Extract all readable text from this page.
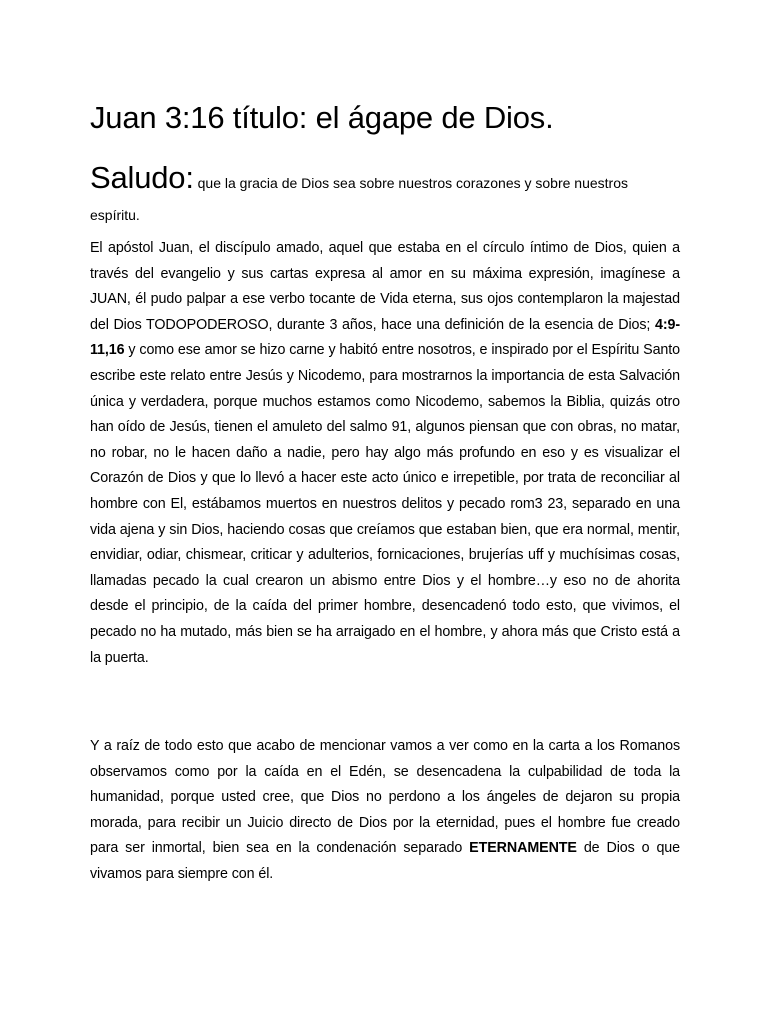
Juan 3:16 título: el ágape de Dios.
Saludo: que la gracia de Dios sea sobre nuestros corazones y sobre nuestros espíritu.

El apóstol Juan, el discípulo amado, aquel que estaba en el círculo íntimo de Dios, quien a través del evangelio y sus cartas expresa al amor en su máxima expresión, imagínese a JUAN, él pudo palpar a ese verbo tocante de Vida eterna, sus ojos contemplaron la majestad del Dios TODOPODEROSO, durante 3 años, hace una definición de la esencia de Dios; 4:9-11,16 y como ese amor se hizo carne y habitó entre nosotros, e inspirado por el Espíritu Santo escribe este relato entre Jesús y Nicodemo, para mostrarnos la importancia de esta Salvación única y verdadera, porque muchos estamos como Nicodemo, sabemos la Biblia, quizás otro han oído de Jesús, tienen el amuleto del salmo 91, algunos piensan que con obras, no matar, no robar, no le hacen daño a nadie, pero hay algo más profundo en eso y es visualizar el Corazón de Dios y que lo llevó a hacer este acto único e irrepetible, por trata de reconciliar al hombre con El, estábamos muertos en nuestros delitos y pecado rom3 23, separado en una vida ajena y sin Dios, haciendo cosas que creíamos que estaban bien, que era normal, mentir, envidiar, odiar, chismear, criticar y adulterios, fornicaciones, brujerías uff y muchísimas cosas, llamadas pecado la cual crearon un abismo entre Dios y el hombre…y eso no de ahorita desde el principio, de la caída del primer hombre, desencadenó todo esto, que vivimos, el pecado no ha mutado, más bien se ha arraigado en el hombre, y ahora más que Cristo está a la puerta.

Y a raíz de todo esto que acabo de mencionar vamos a ver como en la carta a los Romanos observamos como por la caída en el Edén, se desencadena la culpabilidad de toda la humanidad, porque usted cree, que Dios no perdono a los ángeles de dejaron su propia morada, para recibir un Juicio directo de Dios por la eternidad, pues el hombre fue creado para ser inmortal, bien sea en la condenación separado ETERNAMENTE de Dios o que vivamos para siempre con él.
